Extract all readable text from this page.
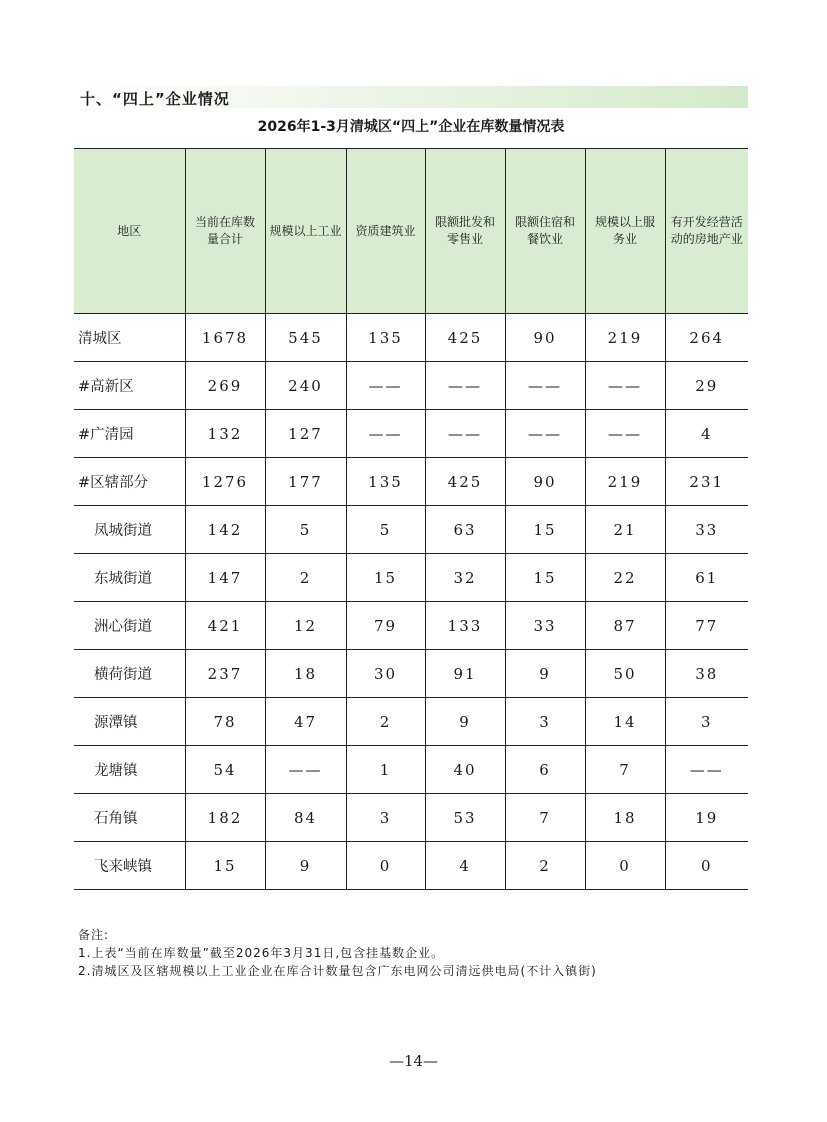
十、“四上”企业情况
2026年1-3月清城区“四上”企业在库数量情况表
地区	当前在库数量合计	规模以上工业	资质建筑业	限额批发和零售业	限额住宿和餐饮业	规模以上服务业	有开发经营活动的房地产业
清城区	1678	545	135	425	90	219	264
#高新区	269	240	——	——	——	——	29
#广清园	132	127	——	——	——	——	4
#区辖部分	1276	177	135	425	90	219	231
凤城街道	142	5	5	63	15	21	33
东城街道	147	2	15	32	15	22	61
洲心街道	421	12	79	133	33	87	77
横荷街道	237	18	30	91	9	50	38
源潭镇	78	47	2	9	3	14	3
龙塘镇	54	——	1	40	6	7	——
石角镇	182	84	3	53	7	18	19
飞来峡镇	15	9	0	4	2	0	0
备注:
1.上表“当前在库数量”截至2026年3月31日,包含挂基数企业。
2.清城区及区辖规模以上工业企业在库合计数量包含广东电网公司清远供电局(不计入镇街)
—14—
